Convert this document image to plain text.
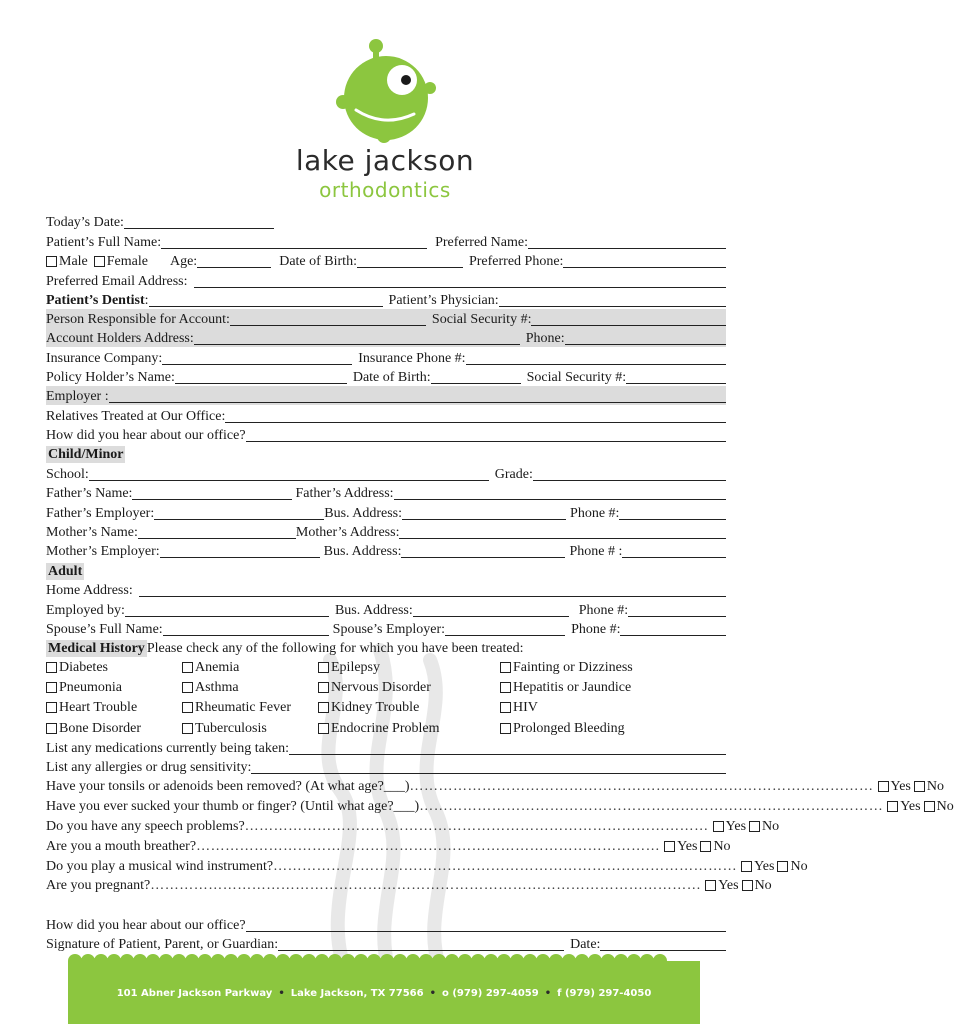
lake jackson
orthodontics
Today’s Date:
Patient’s Full Name:	Preferred Name:
Male Female Age:	Date of Birth:	Preferred Phone:
Preferred Email Address:
Patient’s Dentist :	Patient’s Physician:
Person Responsible for Account:	Social Security #:
Account Holders Address:	Phone:
Insurance Company:	Insurance Phone #:
Policy Holder’s Name:	Date of Birth:	Social Security #:
Employer :
Relatives Treated at Our Office:
How did you hear about our office?
Child/Minor
School:	Grade:
Father’s Name:	Father’s Address:
Father’s Employer:	Bus. Address:	Phone #:
Mother’s Name:	Mother’s Address:
Mother’s Employer:	Bus. Address:	Phone # :
Adult
Home Address:
Employed by:	Bus. Address:	Phone #:
Spouse’s Full Name:	Spouse’s Employer:	Phone #:
Medical History Please check any of the following for which you have been treated:
Diabetes	Anemia	Epilepsy	Fainting or Dizziness
Pneumonia	Asthma	Nervous Disorder	Hepatitis or Jaundice
Heart Trouble	Rheumatic Fever	Kidney Trouble	HIV
Bone Disorder	Tuberculosis	Endocrine Problem	Prolonged Bleeding
List any medications currently being taken:
List any allergies or drug sensitivity:
Have your tonsils or adenoids been removed? (At what age?___) …………………………………………………………………………………… Yes No
Have you ever sucked your thumb or finger? (Until what age?___) …………………………………………………………………………………… Yes No
Do you have any speech problems? …………………………………………………………………………………… Yes No
Are you a mouth breather? …………………………………………………………………………………… Yes No
Do you play a musical wind instrument? …………………………………………………………………………………… Yes No
Are you pregnant? …………………………………………………………………………………………………… Yes No
How did you hear about our office?
Signature of Patient, Parent, or Guardian:	Date:
101 Abner Jackson Parkway • Lake Jackson, TX 77566 • o (979) 297-4059 • f (979) 297-4050
